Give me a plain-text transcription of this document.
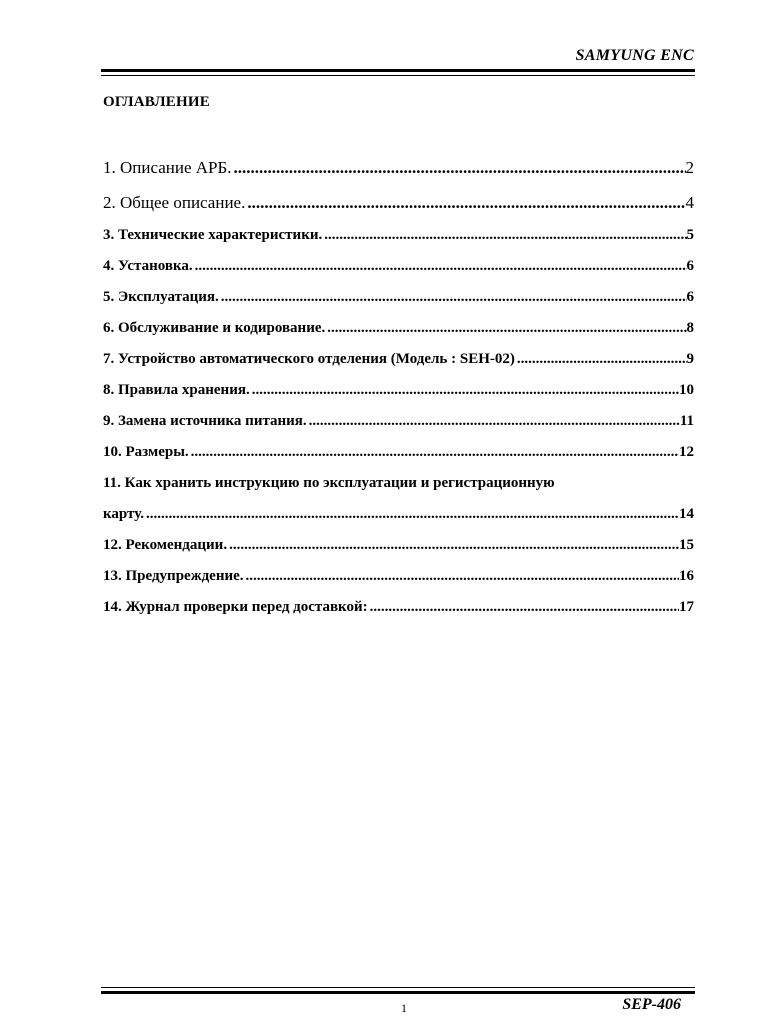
SAMYUNG ENC
ОГЛАВЛЕНИЕ
1. Описание АРБ. .....	2
2. Общее описание. .....	4
3. Технические характеристики. .....	5
4. Установка. .....	6
5. Эксплуатация. .....	6
6. Обслуживание и кодирование. .....	8
7. Устройство автоматического отделения (Модель : SEH-02) .....	9
8. Правила хранения. .....	10
9. Замена источника питания. .....	11
10. Размеры. .....	12
11. Как хранить инструкцию по эксплуатации и регистрационную
карту. .....	14
12. Рекомендации. .....	15
13. Предупреждение. .....	16
14. Журнал проверки перед доставкой: .....	17
1	SEP-406
